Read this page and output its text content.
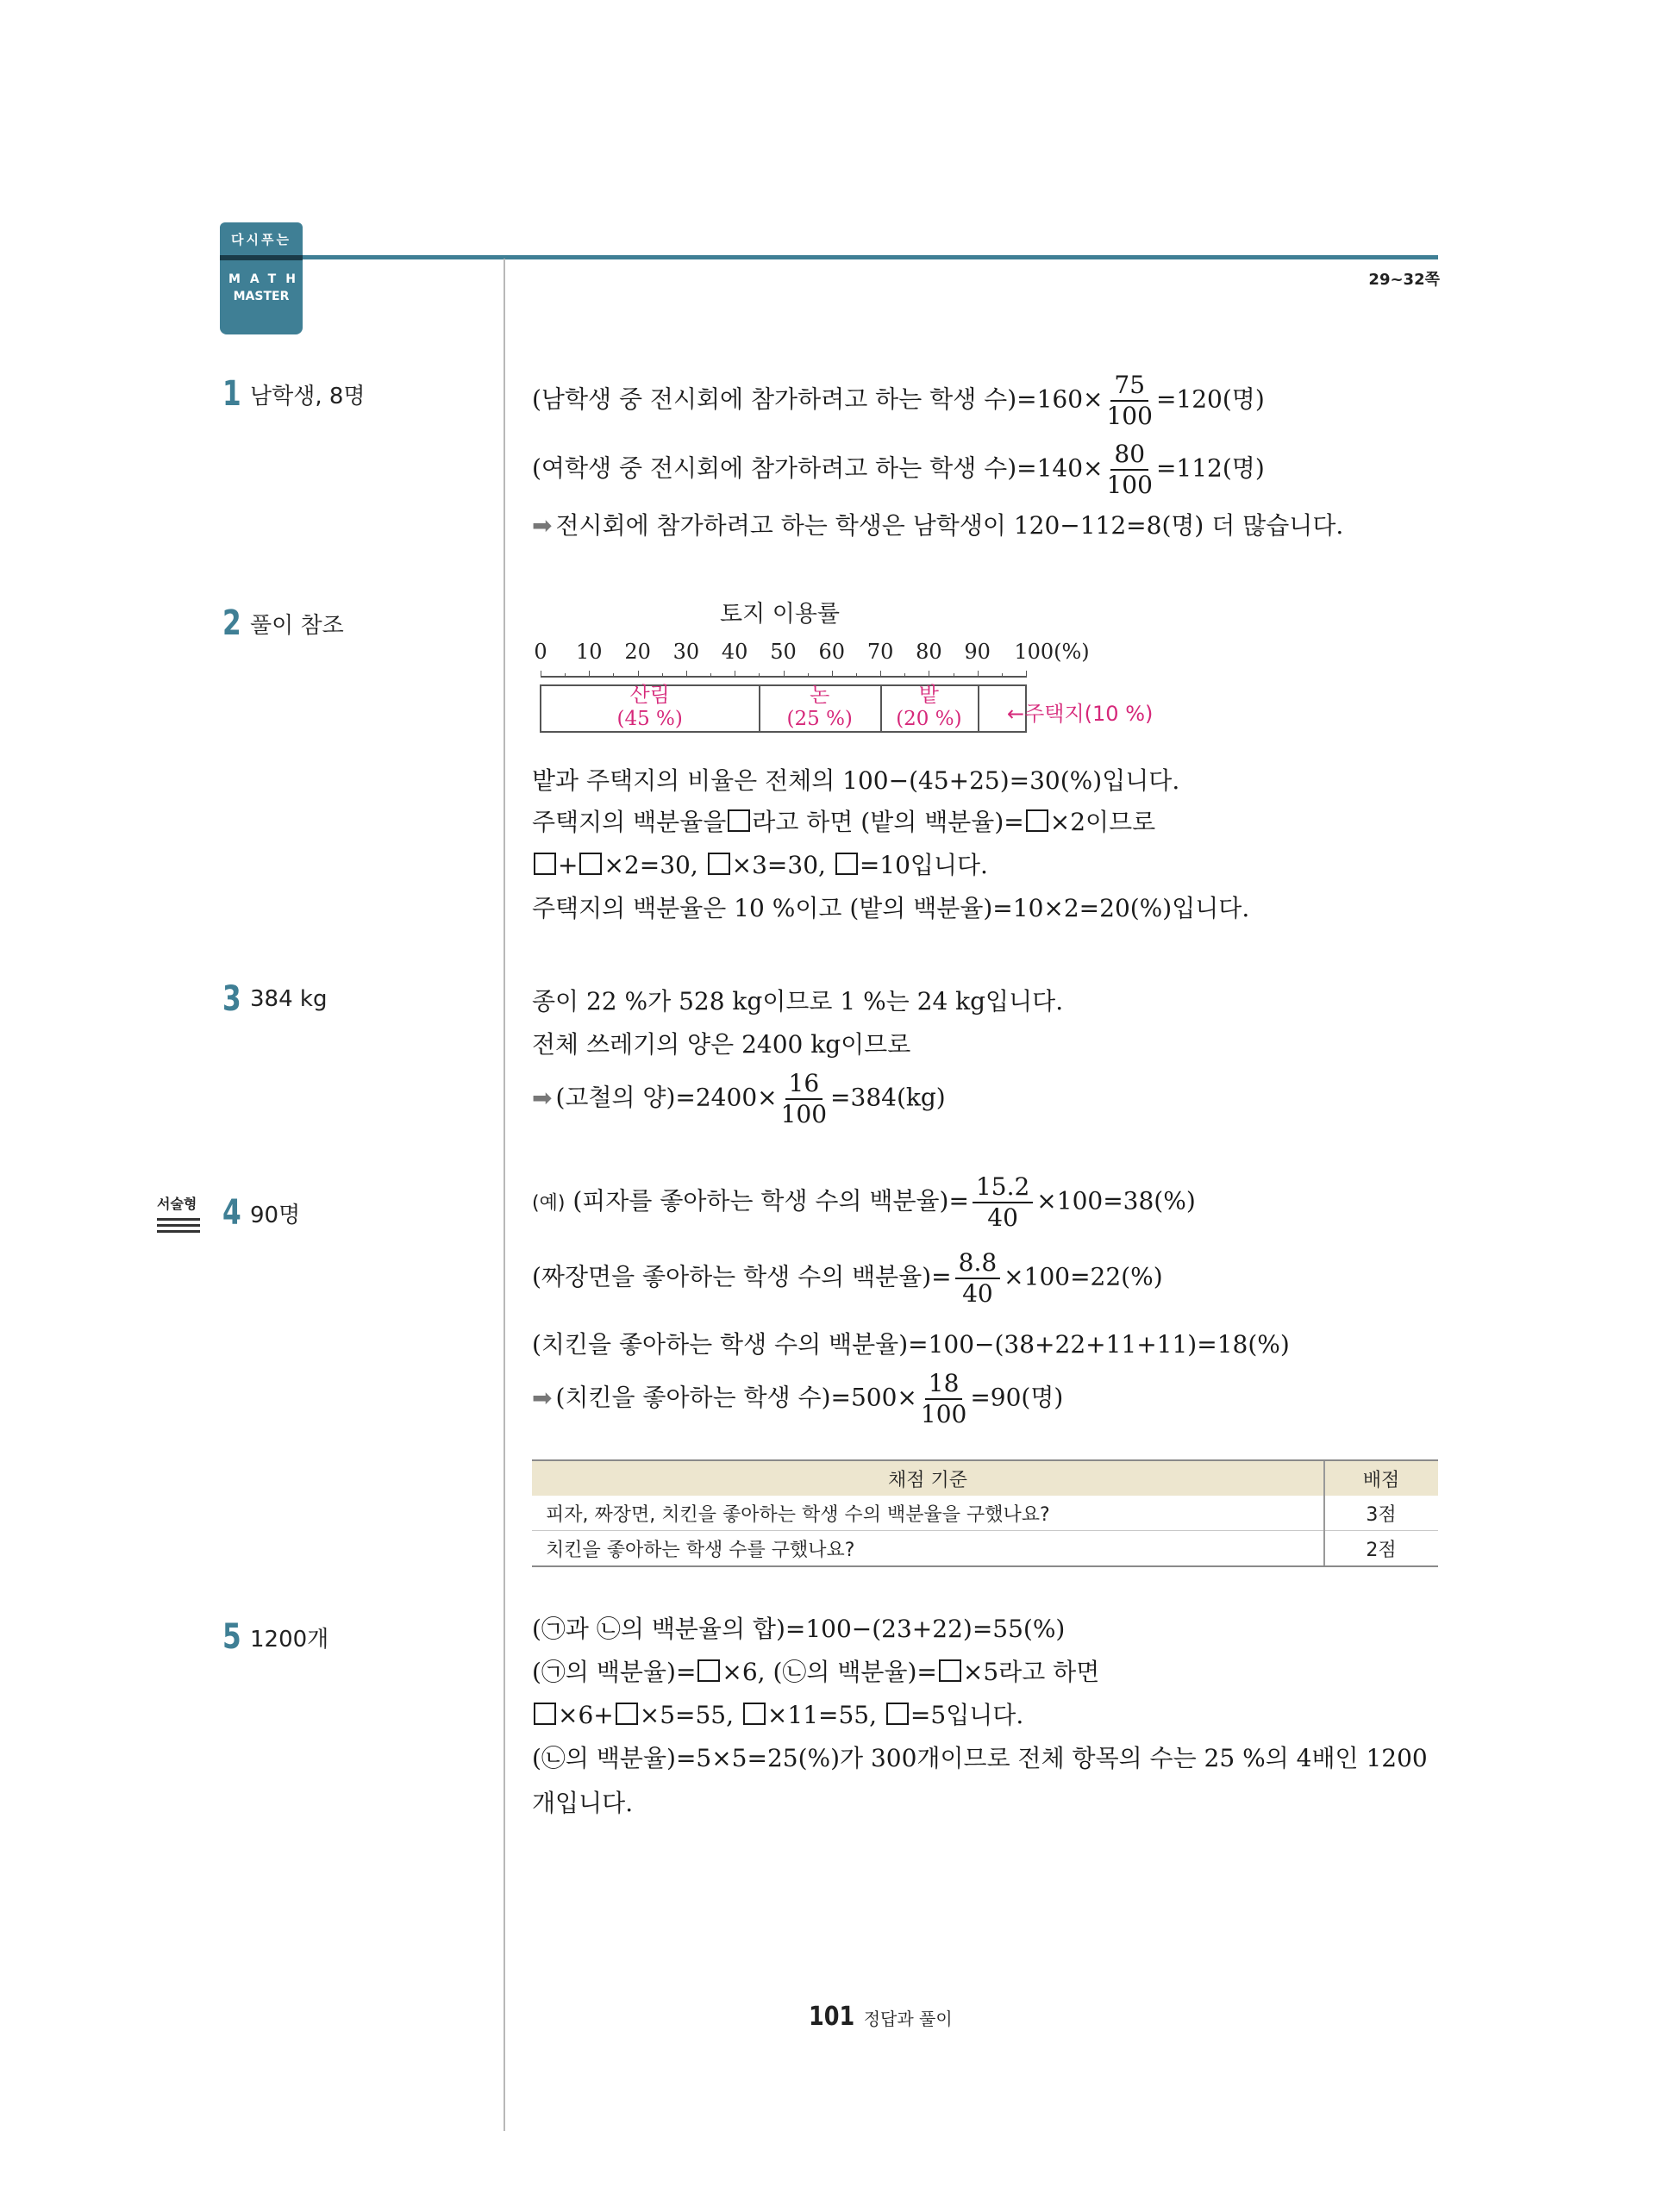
다시푸는
MATH
MASTER
29~32쪽
1 남학생, 8명
2 풀이 참조
3 384 kg
4 90명
5 1200개
서술형
(남학생 중 전시회에 참가하려고 하는 학생 수)$=160\times \frac{75}{100} =120$(명)
(여학생 중 전시회에 참가하려고 하는 학생 수)$=140\times \frac{80}{100} =112$(명)
➡ 전시회에 참가하려고 하는 학생은 남학생이 120−112=8(명) 더 많습니다.
토지 이용률
0 10 20 30 40 50 60 70 80 90 100(%)
산림
(45 %)
논
(25 %)
밭
(20 %) ←주택지(10 %)
밭과 주택지의 비율은 전체의 100−(45+25)=30(%)입니다.
주택지의 백분율을 라고 하면 (밭의 백분율)= ×2이므로
+ ×2=30, ×3=30, =10입니다.
주택지의 백분율은 10 %이고 (밭의 백분율)=10×2=20(%)입니다.
종이 22 %가 528 kg이므로 1 %는 24 kg입니다.
전체 쓰레기의 양은 2400 kg이므로
➡ (고철의 양)$=2400\times \frac{16}{100} =384(kg)$
(예) (피자를 좋아하는 학생 수의 백분율)= $\frac{15.2}{40} \times 100=38(\%)$
(짜장면을 좋아하는 학생 수의 백분율)= $\frac{8.8}{40} \times 100=22(\%)$
(치킨을 좋아하는 학생 수의 백분율)=100−(38+22+11+11)=18(%)
➡ (치킨을 좋아하는 학생 수)$=500\times \frac{18}{100} =90$(명)
채점 기준	배점
피자, 짜장면, 치킨을 좋아하는 학생 수의 백분율을 구했나요?	3점
치킨을 좋아하는 학생 수를 구했나요?	2점
(㉠과 ㉡의 백분율의 합)=100−(23+22)=55(%)
(㉠의 백분율)= ×6, (㉡의 백분율)= ×5라고 하면
×6+ ×5=55, ×11=55, =5입니다.
(㉡의 백분율)=5×5=25(%)가 300개이므로 전체 항목의 수는 25 %의 4배인 1200
개입니다.
101 정답과 풀이
